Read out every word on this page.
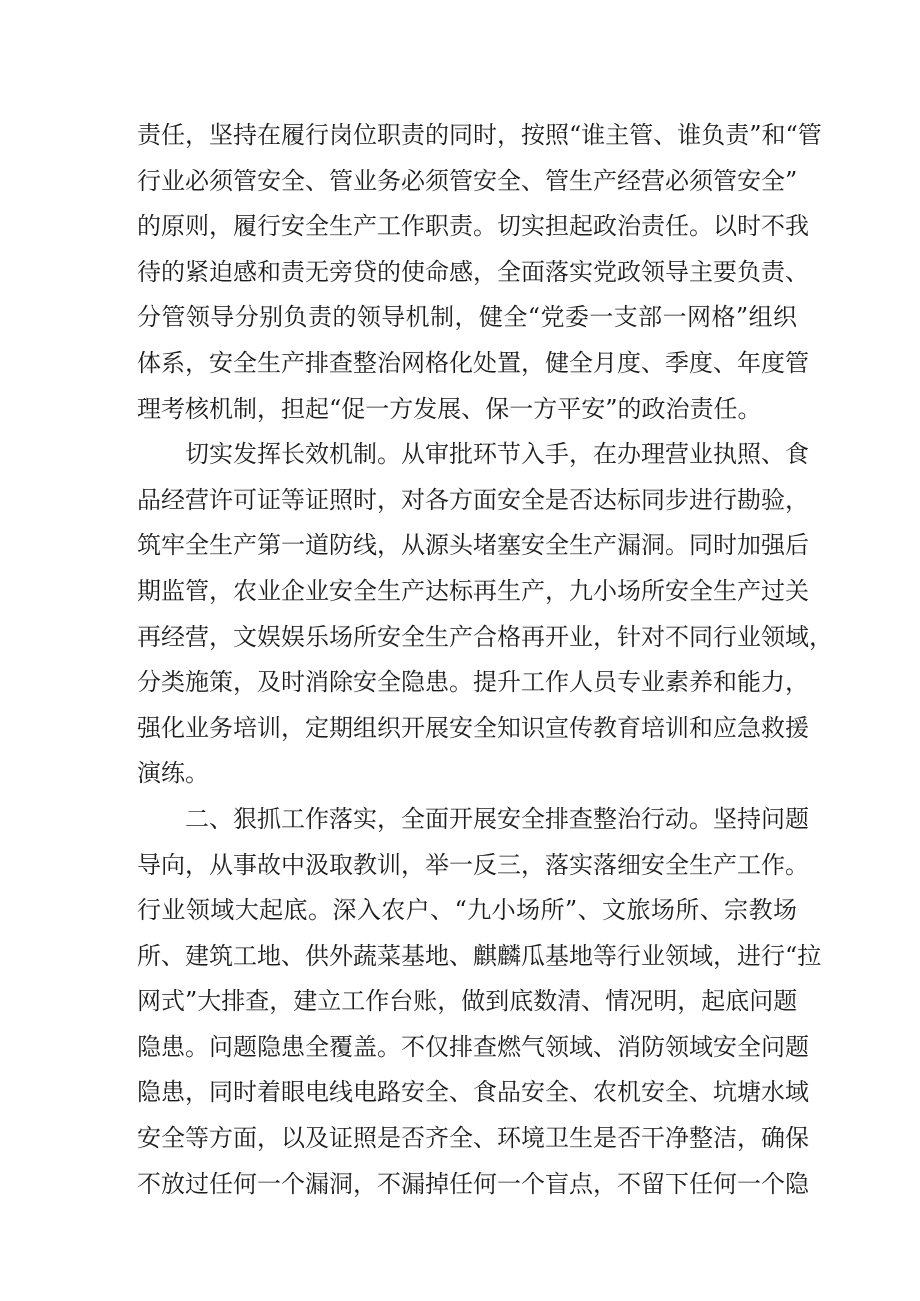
责任，坚持在履行岗位职责的同时，按照“谁主管、谁负责”和“管
行业必须管安全、管业务必须管安全、管生产经营必须管安全”
的原则，履行安全生产工作职责。切实担起政治责任。以时不我
待的紧迫感和责无旁贷的使命感，全面落实党政领导主要负责、
分管领导分别负责的领导机制，健全“党委一支部一网格”组织
体系，安全生产排查整治网格化处置，健全月度、季度、年度管
理考核机制，担起“促一方发展、保一方平安”的政治责任。
切实发挥长效机制。从审批环节入手，在办理营业执照、食
品经营许可证等证照时，对各方面安全是否达标同步进行勘验，
筑牢全生产第一道防线，从源头堵塞安全生产漏洞。同时加强后
期监管，农业企业安全生产达标再生产，九小场所安全生产过关
再经营，文娱娱乐场所安全生产合格再开业，针对不同行业领域，
分类施策，及时消除安全隐患。提升工作人员专业素养和能力，
强化业务培训，定期组织开展安全知识宣传教育培训和应急救援
演练。
二、狠抓工作落实，全面开展安全排查整治行动。坚持问题
导向，从事故中汲取教训，举一反三，落实落细安全生产工作。
行业领域大起底。深入农户、“九小场所”、文旅场所、宗教场
所、建筑工地、供外蔬菜基地、麒麟瓜基地等行业领域，进行“拉
网式”大排查，建立工作台账，做到底数清、情况明，起底问题
隐患。问题隐患全覆盖。不仅排查燃气领域、消防领域安全问题
隐患，同时着眼电线电路安全、食品安全、农机安全、坑塘水域
安全等方面，以及证照是否齐全、环境卫生是否干净整洁，确保
不放过任何一个漏洞，不漏掉任何一个盲点，不留下任何一个隐
